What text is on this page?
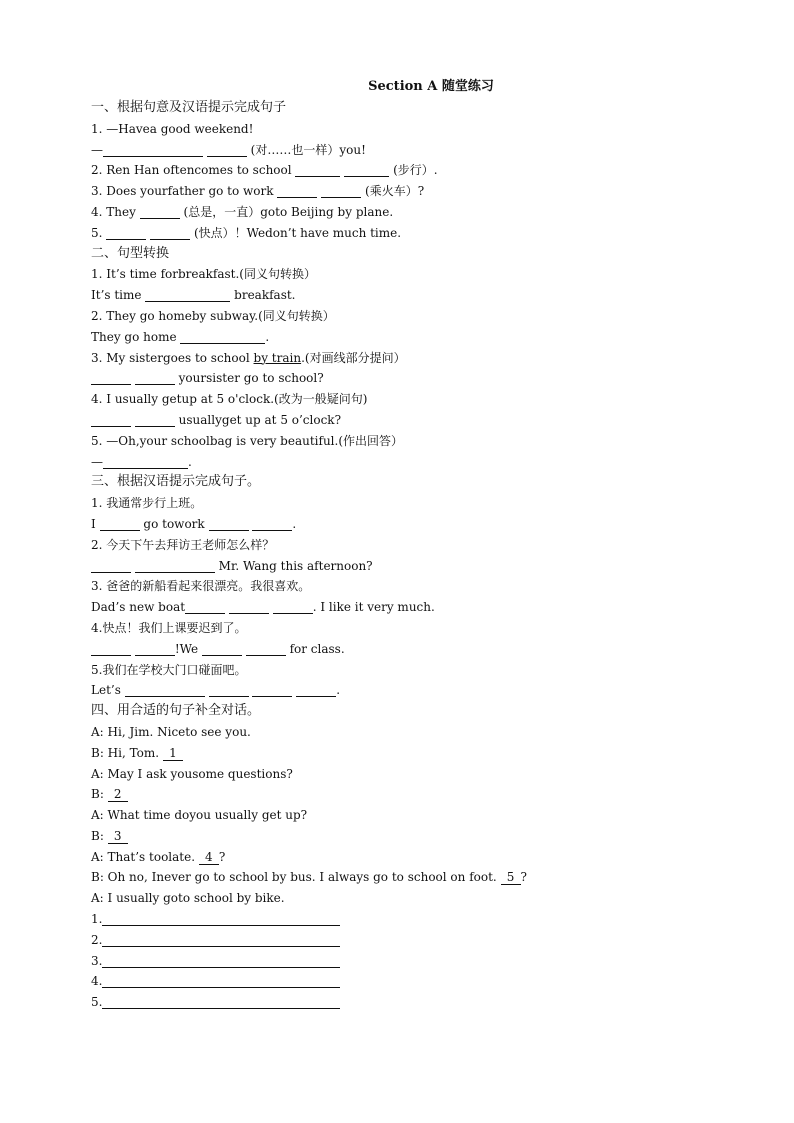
Section A 随堂练习
一、根据句意及汉语提示完成句子
1. —Havea good weekend!
—	(对……也一样）you!
2. Ren Han oftencomes to school	(步行）.
3. Does yourfather go to work	(乘火车）?
4. They	(总是，一直）goto Beijing by plane.
5.	(快点）！Wedon’t have much time.
二、句型转换
1. It’s time forbreakfast.(同义句转换）
It’s time	breakfast.
2. They go homeby subway.(同义句转换）
They go home	.
3. My sistergoes to school by train.(对画线部分提问）
yoursister go to school?
4. I usually getup at 5 o'clock.(改为一般疑问句)
usuallyget up at 5 o’clock?
5. —Oh,your schoolbag is very beautiful.(作出回答）
—	.
三、根据汉语提示完成句子。
1. 我通常步行上班。
I	go towork	.
2. 今天下午去拜访王老师怎么样？
Mr. Wang this afternoon?
3. 爸爸的新船看起来很漂亮。我很喜欢。
Dad’s new boat	. I like it very much.
4.快点！我们上课要迟到了。
!We	for class.
5.我们在学校大门口碰面吧。
Let’s	.
四、用合适的句子补全对话。
A: Hi, Jim. Niceto see you.
B: Hi, Tom. 1
A: May I ask yousome questions?
B: 2
A: What time doyou usually get up?
B: 3
A: That’s toolate. 4 ?
B: Oh no, Inever go to school by bus. I always go to school on foot. 5 ?
A: I usually goto school by bike.
1.
2.
3.
4.
5.
